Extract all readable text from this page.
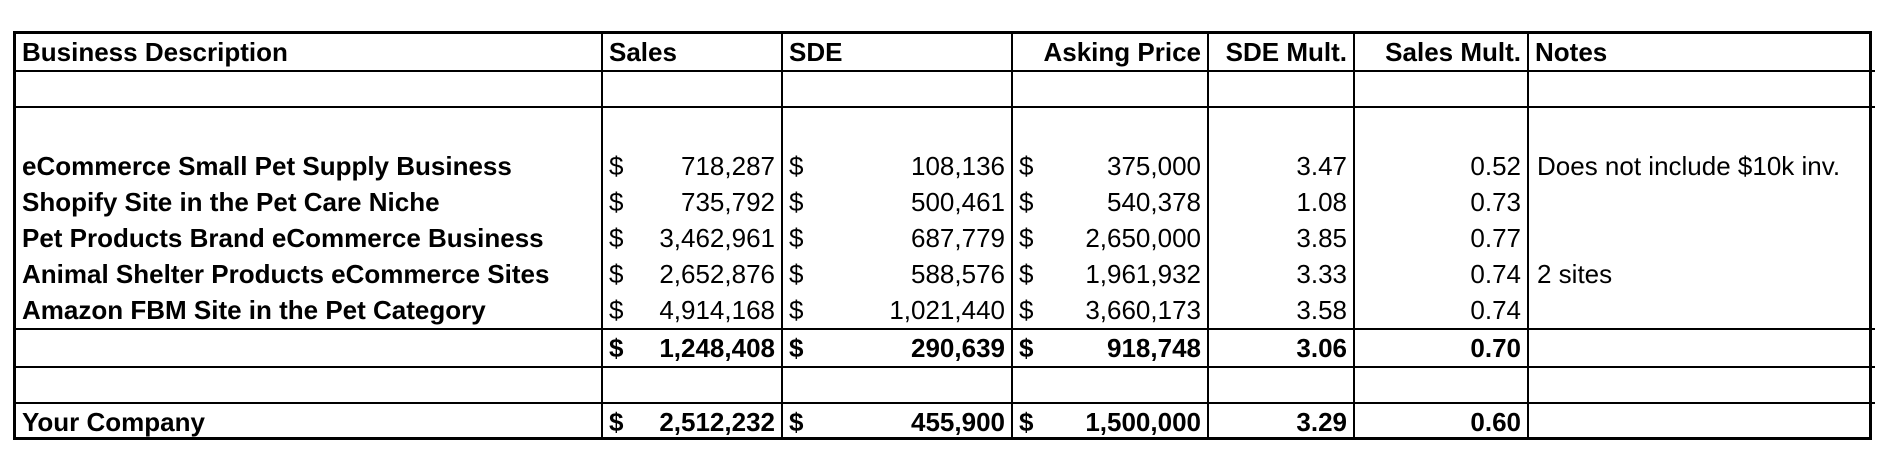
Business Description	Sales	SDE	Asking Price	SDE Mult.	Sales Mult.	Notes

eCommerce Small Pet Supply Business	$ 718,287	$ 108,136	$ 375,000	3.47	0.52	Does not include $10k inv.
Shopify Site in the Pet Care Niche	$ 735,792	$ 500,461	$ 540,378	1.08	0.73	
Pet Products Brand eCommerce Business	$ 3,462,961	$ 687,779	$ 2,650,000	3.85	0.77	
Animal Shelter Products eCommerce Sites	$ 2,652,876	$ 588,576	$ 1,961,932	3.33	0.74	2 sites
Amazon FBM Site in the Pet Category	$ 4,914,168	$ 1,021,440	$ 3,660,173	3.58	0.74	

	$ 1,248,408	$ 290,639	$ 918,748	3.06	0.70	

Your Company	$ 2,512,232	$ 455,900	$ 1,500,000	3.29	0.60	
